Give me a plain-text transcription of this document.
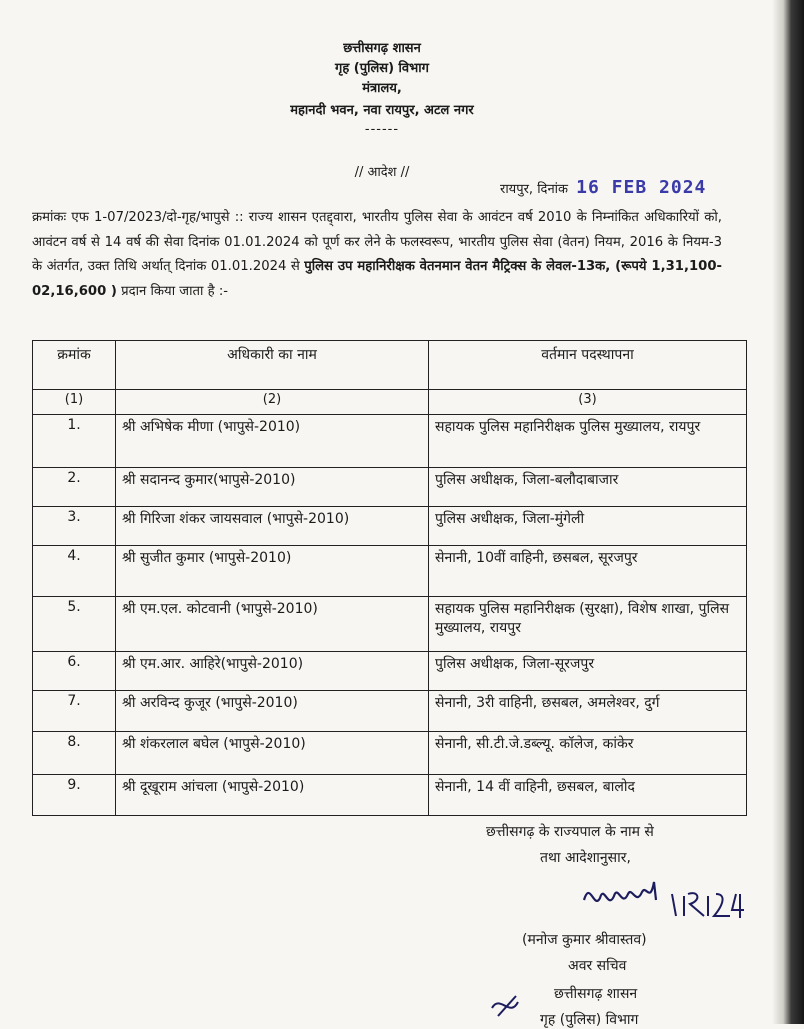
छत्तीसगढ़ शासन
गृह (पुलिस) विभाग
मंत्रालय,
महानदी भवन, नवा रायपुर, अटल नगर
------
// आदेश //
रायपुर, दिनांक 16 FEB 2024
क्रमांकः एफ 1-07/2023/दो-गृह/भापुसे :: राज्य शासन एतद्द्वारा, भारतीय पुलिस सेवा के आवंटन वर्ष 2010 के निम्नांकित अधिकारियों को, आवंटन वर्ष से 14 वर्ष की सेवा दिनांक 01.01.2024 को पूर्ण कर लेने के फलस्वरूप, भारतीय पुलिस सेवा (वेतन) नियम, 2016 के नियम-3 के अंतर्गत, उक्त तिथि अर्थात् दिनांक 01.01.2024 से पुलिस उप महानिरीक्षक वेतनमान वेतन मैट्रिक्स के लेवल-13क, (रूपये 1,31,100-02,16,600 ) प्रदान किया जाता है :-
क्रमांक	अधिकारी का नाम	वर्तमान पदस्थापना
(1)	(2)	(3)
1.	श्री अभिषेक मीणा (भापुसे-2010)	सहायक पुलिस महानिरीक्षक पुलिस मुख्यालय, रायपुर
2.	श्री सदानन्द कुमार(भापुसे-2010)	पुलिस अधीक्षक, जिला-बलौदाबाजार
3.	श्री गिरिजा शंकर जायसवाल (भापुसे-2010)	पुलिस अधीक्षक, जिला-मुंगेली
4.	श्री सुजीत कुमार (भापुसे-2010)	सेनानी, 10वीं वाहिनी, छसबल, सूरजपुर
5.	श्री एम.एल. कोटवानी (भापुसे-2010)	सहायक पुलिस महानिरीक्षक (सुरक्षा), विशेष शाखा, पुलिस मुख्यालय, रायपुर
6.	श्री एम.आर. आहिरे(भापुसे-2010)	पुलिस अधीक्षक, जिला-सूरजपुर
7.	श्री अरविन्द कुजूर (भापुसे-2010)	सेनानी, 3री वाहिनी, छसबल, अमलेश्वर, दुर्ग
8.	श्री शंकरलाल बघेल (भापुसे-2010)	सेनानी, सी.टी.जे.डब्ल्यू. कॉलेज, कांकेर
9.	श्री दूखूराम आंचला (भापुसे-2010)	सेनानी, 14 वीं वाहिनी, छसबल, बालोद
छत्तीसगढ़ के राज्यपाल के नाम से
तथा आदेशानुसार,
(मनोज कुमार श्रीवास्तव)
अवर सचिव
छत्तीसगढ़ शासन
गृह (पुलिस) विभाग
